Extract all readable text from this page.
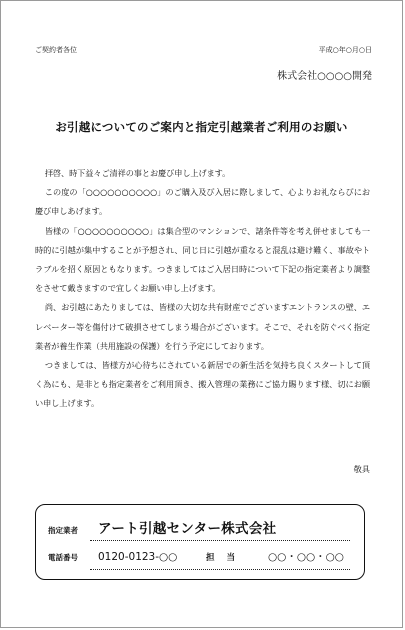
ご契約者各位	平成○年○月○日
株式会社○○○○開発
お引越についてのご案内と指定引越業者ご利用のお願い

拝啓、時下益々ご清祥の事とお慶び申し上げます。

この度の「○○○○○○○○○○」のご購入及び入居に際しまして、心よりお礼ならびにお慶び申しあげます。

皆様の「○○○○○○○○○○」は集合型のマンションで、諸条件等を考え併せましても一時的に引越が集中することが予想され、同じ日に引越が重なると混乱は避け難く、事故やトラブルを招く原因ともなります。つきましてはご入居日時について下記の指定業者より調整をさせて戴きますので宜しくお願い申し上げます。

尚、お引越にあたりましては、皆様の大切な共有財産でございますエントランスの壁、エレベーター等を傷付けて破損させてしまう場合がございます。そこで、それを防ぐべく指定業者が養生作業（共用施設の保護）を行う予定にしております。

つきましては、皆様方が心待ちにされている新居での新生活を気持ち良くスタートして頂く為にも、是非とも指定業者をご利用頂き、搬入管理の業務にご協力賜ります様、切にお願い申し上げます。

敬具
指定業者	アート引越センター株式会社
電話番号	0120-0123-○○	担当	○○・○○・○○
